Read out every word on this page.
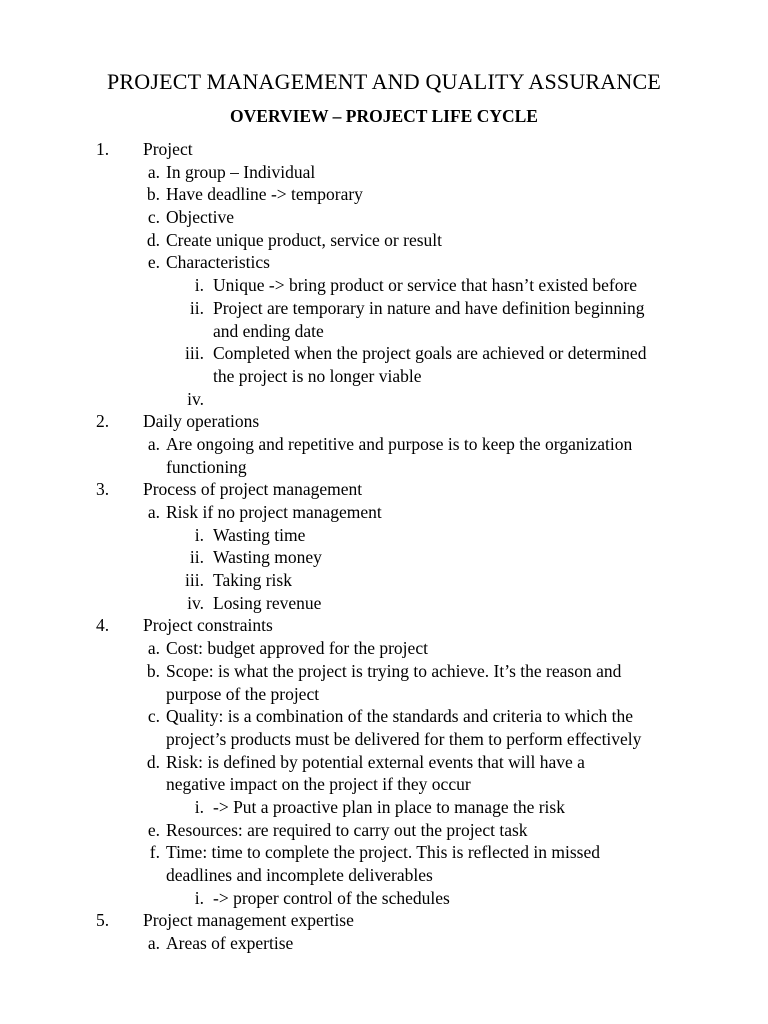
PROJECT MANAGEMENT AND QUALITY ASSURANCE
OVERVIEW – PROJECT LIFE CYCLE
1. Project
a. In group – Individual
b. Have deadline -> temporary
c. Objective
d. Create unique product, service or result
e. Characteristics
i. Unique -> bring product or service that hasn’t existed before
ii. Project are temporary in nature and have definition beginning
and ending date
iii. Completed when the project goals are achieved or determined
the project is no longer viable
iv.
2. Daily operations
a. Are ongoing and repetitive and purpose is to keep the organization
functioning
3. Process of project management
a. Risk if no project management
i. Wasting time
ii. Wasting money
iii. Taking risk
iv. Losing revenue
4. Project constraints
a. Cost: budget approved for the project
b. Scope: is what the project is trying to achieve. It’s the reason and
purpose of the project
c. Quality: is a combination of the standards and criteria to which the
project’s products must be delivered for them to perform effectively
d. Risk: is defined by potential external events that will have a
negative impact on the project if they occur
i. -> Put a proactive plan in place to manage the risk
e. Resources: are required to carry out the project task
f. Time: time to complete the project. This is reflected in missed
deadlines and incomplete deliverables
i. -> proper control of the schedules
5. Project management expertise
a. Areas of expertise
